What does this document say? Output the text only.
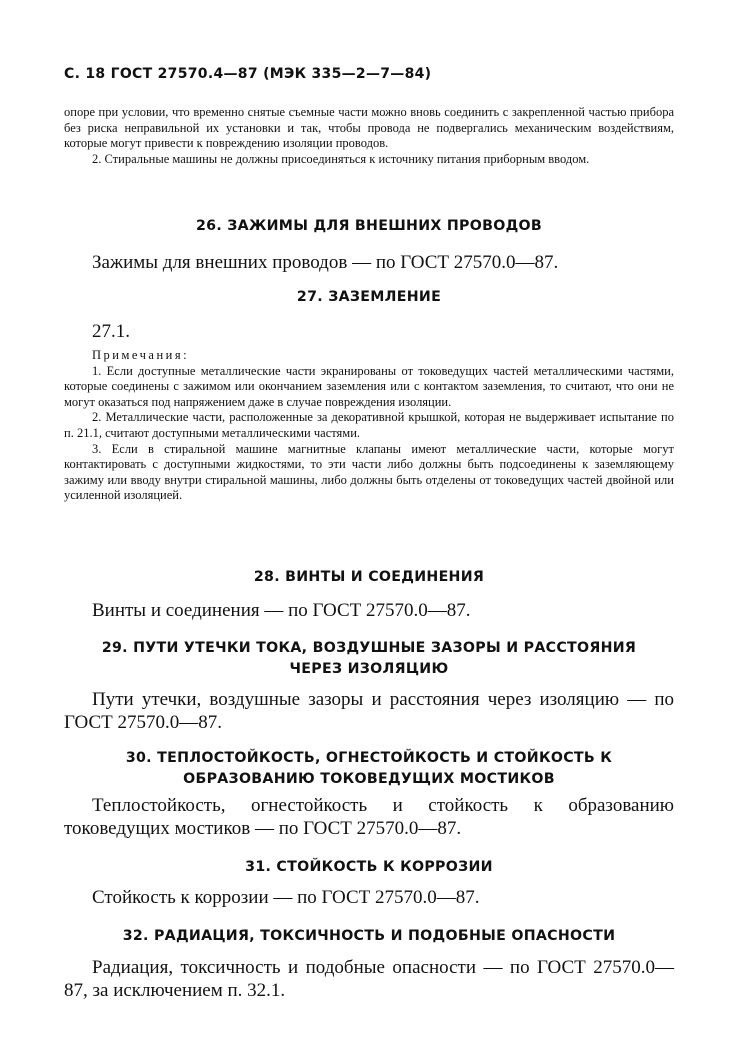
С. 18 ГОСТ 27570.4—87 (МЭК 335—2—7—84)

опоре при условии, что временно снятые съемные части можно вновь соединить с закрепленной частью прибора без риска неправильной их установки и так, чтобы провода не подвергались механическим воздействиям, которые могут привести к повреждению изоляции проводов.

2. Стиральные машины не должны присоединяться к источнику питания приборным вводом.

26. ЗАЖИМЫ ДЛЯ ВНЕШНИХ ПРОВОДОВ

Зажимы для внешних проводов — по ГОСТ 27570.0—87.

27. ЗАЗЕМЛЕНИЕ

27.1.

Примечания:

1. Если доступные металлические части экранированы от токоведущих частей металлическими частями, которые соединены с зажимом или окончанием заземления или с контактом заземления, то считают, что они не могут оказаться под напряжением даже в случае повреждения изоляции.

2. Металлические части, расположенные за декоративной крышкой, которая не выдерживает испытание по п. 21.1, считают доступными металлическими частями.

3. Если в стиральной машине магнитные клапаны имеют металлические части, которые могут контактировать с доступными жидкостями, то эти части либо должны быть подсоединены к заземляющему зажиму или вводу внутри стиральной машины, либо должны быть отделены от токоведущих частей двойной или усиленной изоляцией.

28. ВИНТЫ И СОЕДИНЕНИЯ

Винты и соединения — по ГОСТ 27570.0—87.

29. ПУТИ УТЕЧКИ ТОКА, ВОЗДУШНЫЕ ЗАЗОРЫ И РАССТОЯНИЯ
ЧЕРЕЗ ИЗОЛЯЦИЮ

Пути утечки, воздушные зазоры и расстояния через изоляцию — по ГОСТ 27570.0—87.

30. ТЕПЛОСТОЙКОСТЬ, ОГНЕСТОЙКОСТЬ И СТОЙКОСТЬ К
ОБРАЗОВАНИЮ ТОКОВЕДУЩИХ МОСТИКОВ

Теплостойкость, огнестойкость и стойкость к образованию токоведущих мостиков — по ГОСТ 27570.0—87.

31. СТОЙКОСТЬ К КОРРОЗИИ

Стойкость к коррозии — по ГОСТ 27570.0—87.

32. РАДИАЦИЯ, ТОКСИЧНОСТЬ И ПОДОБНЫЕ ОПАСНОСТИ

Радиация, токсичность и подобные опасности — по ГОСТ 27570.0—87, за исключением п. 32.1.
